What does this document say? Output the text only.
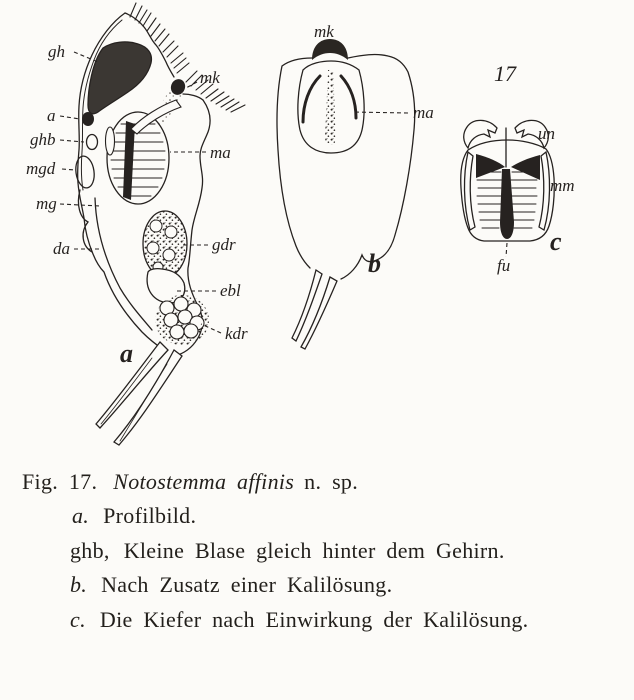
gh
a
ghb
mgd
mg
da
mk
ma
gdr
ebl
kdr
a
mk
ma
b
17
un
mm
fu
c
Fig. 17. Notostemma affinis n. sp.
a. Profilbild.
ghb, Kleine Blase gleich hinter dem Gehirn.
b. Nach Zusatz einer Kalilösung.
c. Die Kiefer nach Einwirkung der Kalilösung.
